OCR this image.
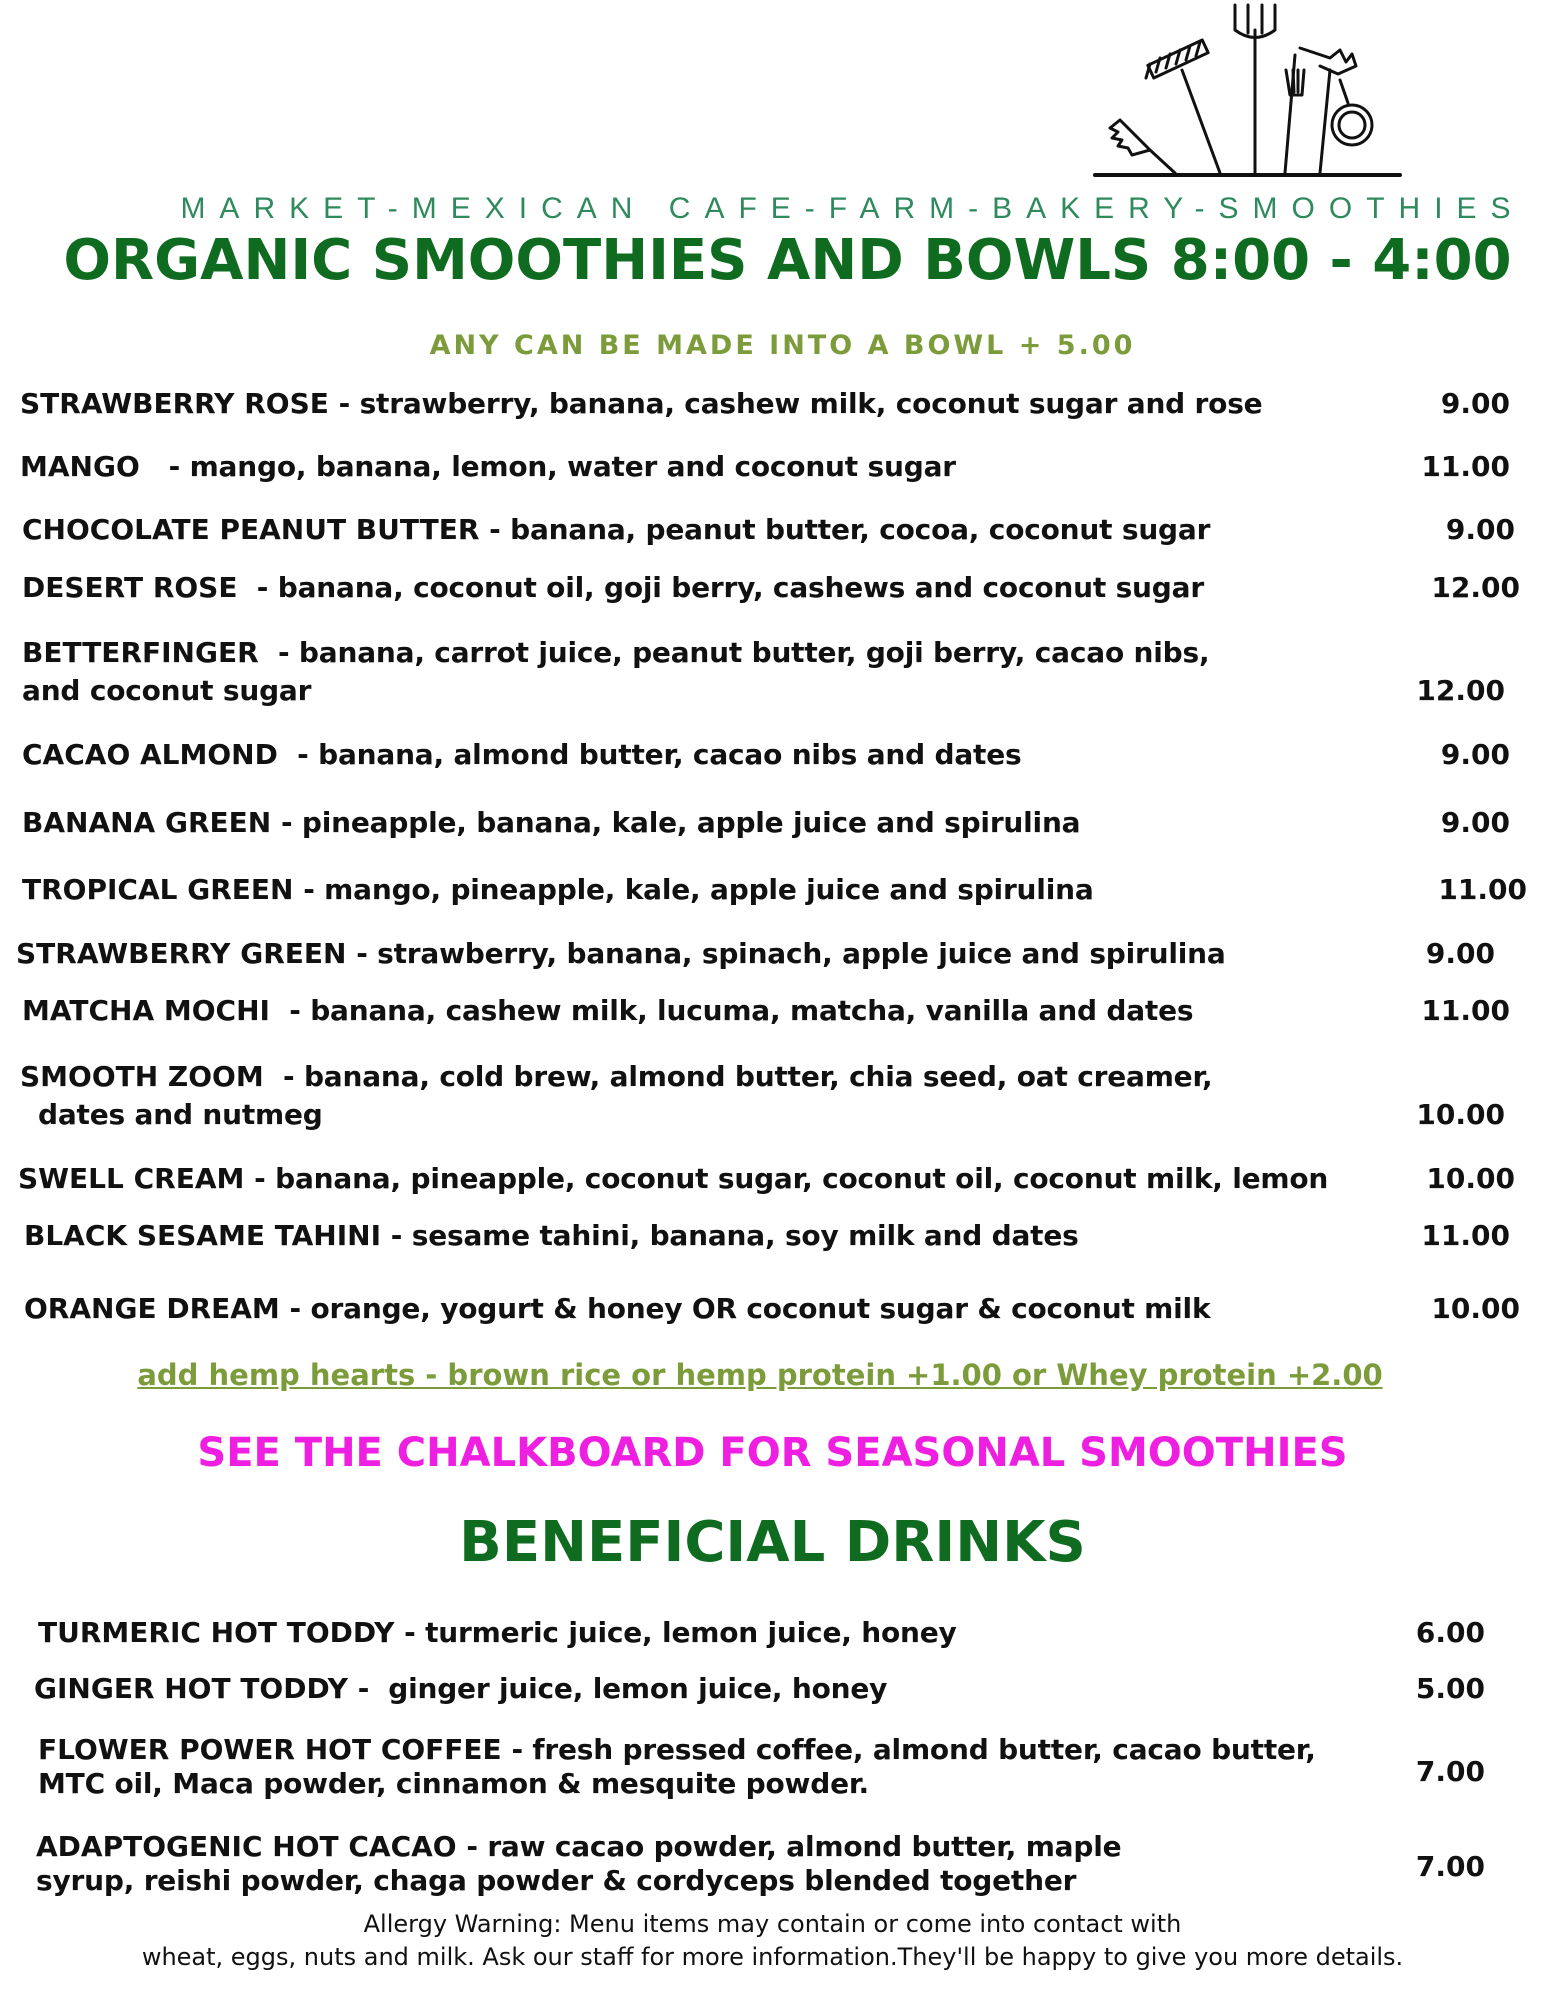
MARKET-MEXICAN CAFE-FARM-BAKERY-SMOOTHIES
ORGANIC SMOOTHIES AND BOWLS 8:00 - 4:00
ANY CAN BE MADE INTO A BOWL + 5.00
STRAWBERRY ROSE - strawberry, banana, cashew milk, coconut sugar and rose	9.00
MANGO   - mango, banana, lemon, water and coconut sugar	11.00
CHOCOLATE PEANUT BUTTER - banana, peanut butter, cocoa, coconut sugar	9.00
DESERT ROSE  - banana, coconut oil, goji berry, cashews and coconut sugar	12.00
BETTERFINGER  - banana, carrot juice, peanut butter, goji berry, cacao nibs,
and coconut sugar	12.00
CACAO ALMOND  - banana, almond butter, cacao nibs and dates	9.00
BANANA GREEN - pineapple, banana, kale, apple juice and spirulina	9.00
TROPICAL GREEN - mango, pineapple, kale, apple juice and spirulina	11.00
STRAWBERRY GREEN - strawberry, banana, spinach, apple juice and spirulina	9.00
MATCHA MOCHI  - banana, cashew milk, lucuma, matcha, vanilla and dates	11.00
SMOOTH ZOOM  - banana, cold brew, almond butter, chia seed, oat creamer,
dates and nutmeg	10.00
SWELL CREAM - banana, pineapple, coconut sugar, coconut oil, coconut milk, lemon	10.00
BLACK SESAME TAHINI - sesame tahini, banana, soy milk and dates	11.00
ORANGE DREAM - orange, yogurt & honey OR coconut sugar & coconut milk	10.00
add hemp hearts - brown rice or hemp protein +1.00 or Whey protein +2.00
SEE THE CHALKBOARD FOR SEASONAL SMOOTHIES
BENEFICIAL DRINKS
TURMERIC HOT TODDY - turmeric juice, lemon juice, honey	6.00
GINGER HOT TODDY -  ginger juice, lemon juice, honey	5.00
FLOWER POWER HOT COFFEE - fresh pressed coffee, almond butter, cacao butter,
MTC oil, Maca powder, cinnamon & mesquite powder.	7.00
ADAPTOGENIC HOT CACAO - raw cacao powder, almond butter, maple
syrup, reishi powder, chaga powder & cordyceps blended together	7.00
Allergy Warning: Menu items may contain or come into contact with
wheat, eggs, nuts and milk. Ask our staff for more information.They'll be happy to give you more details.
